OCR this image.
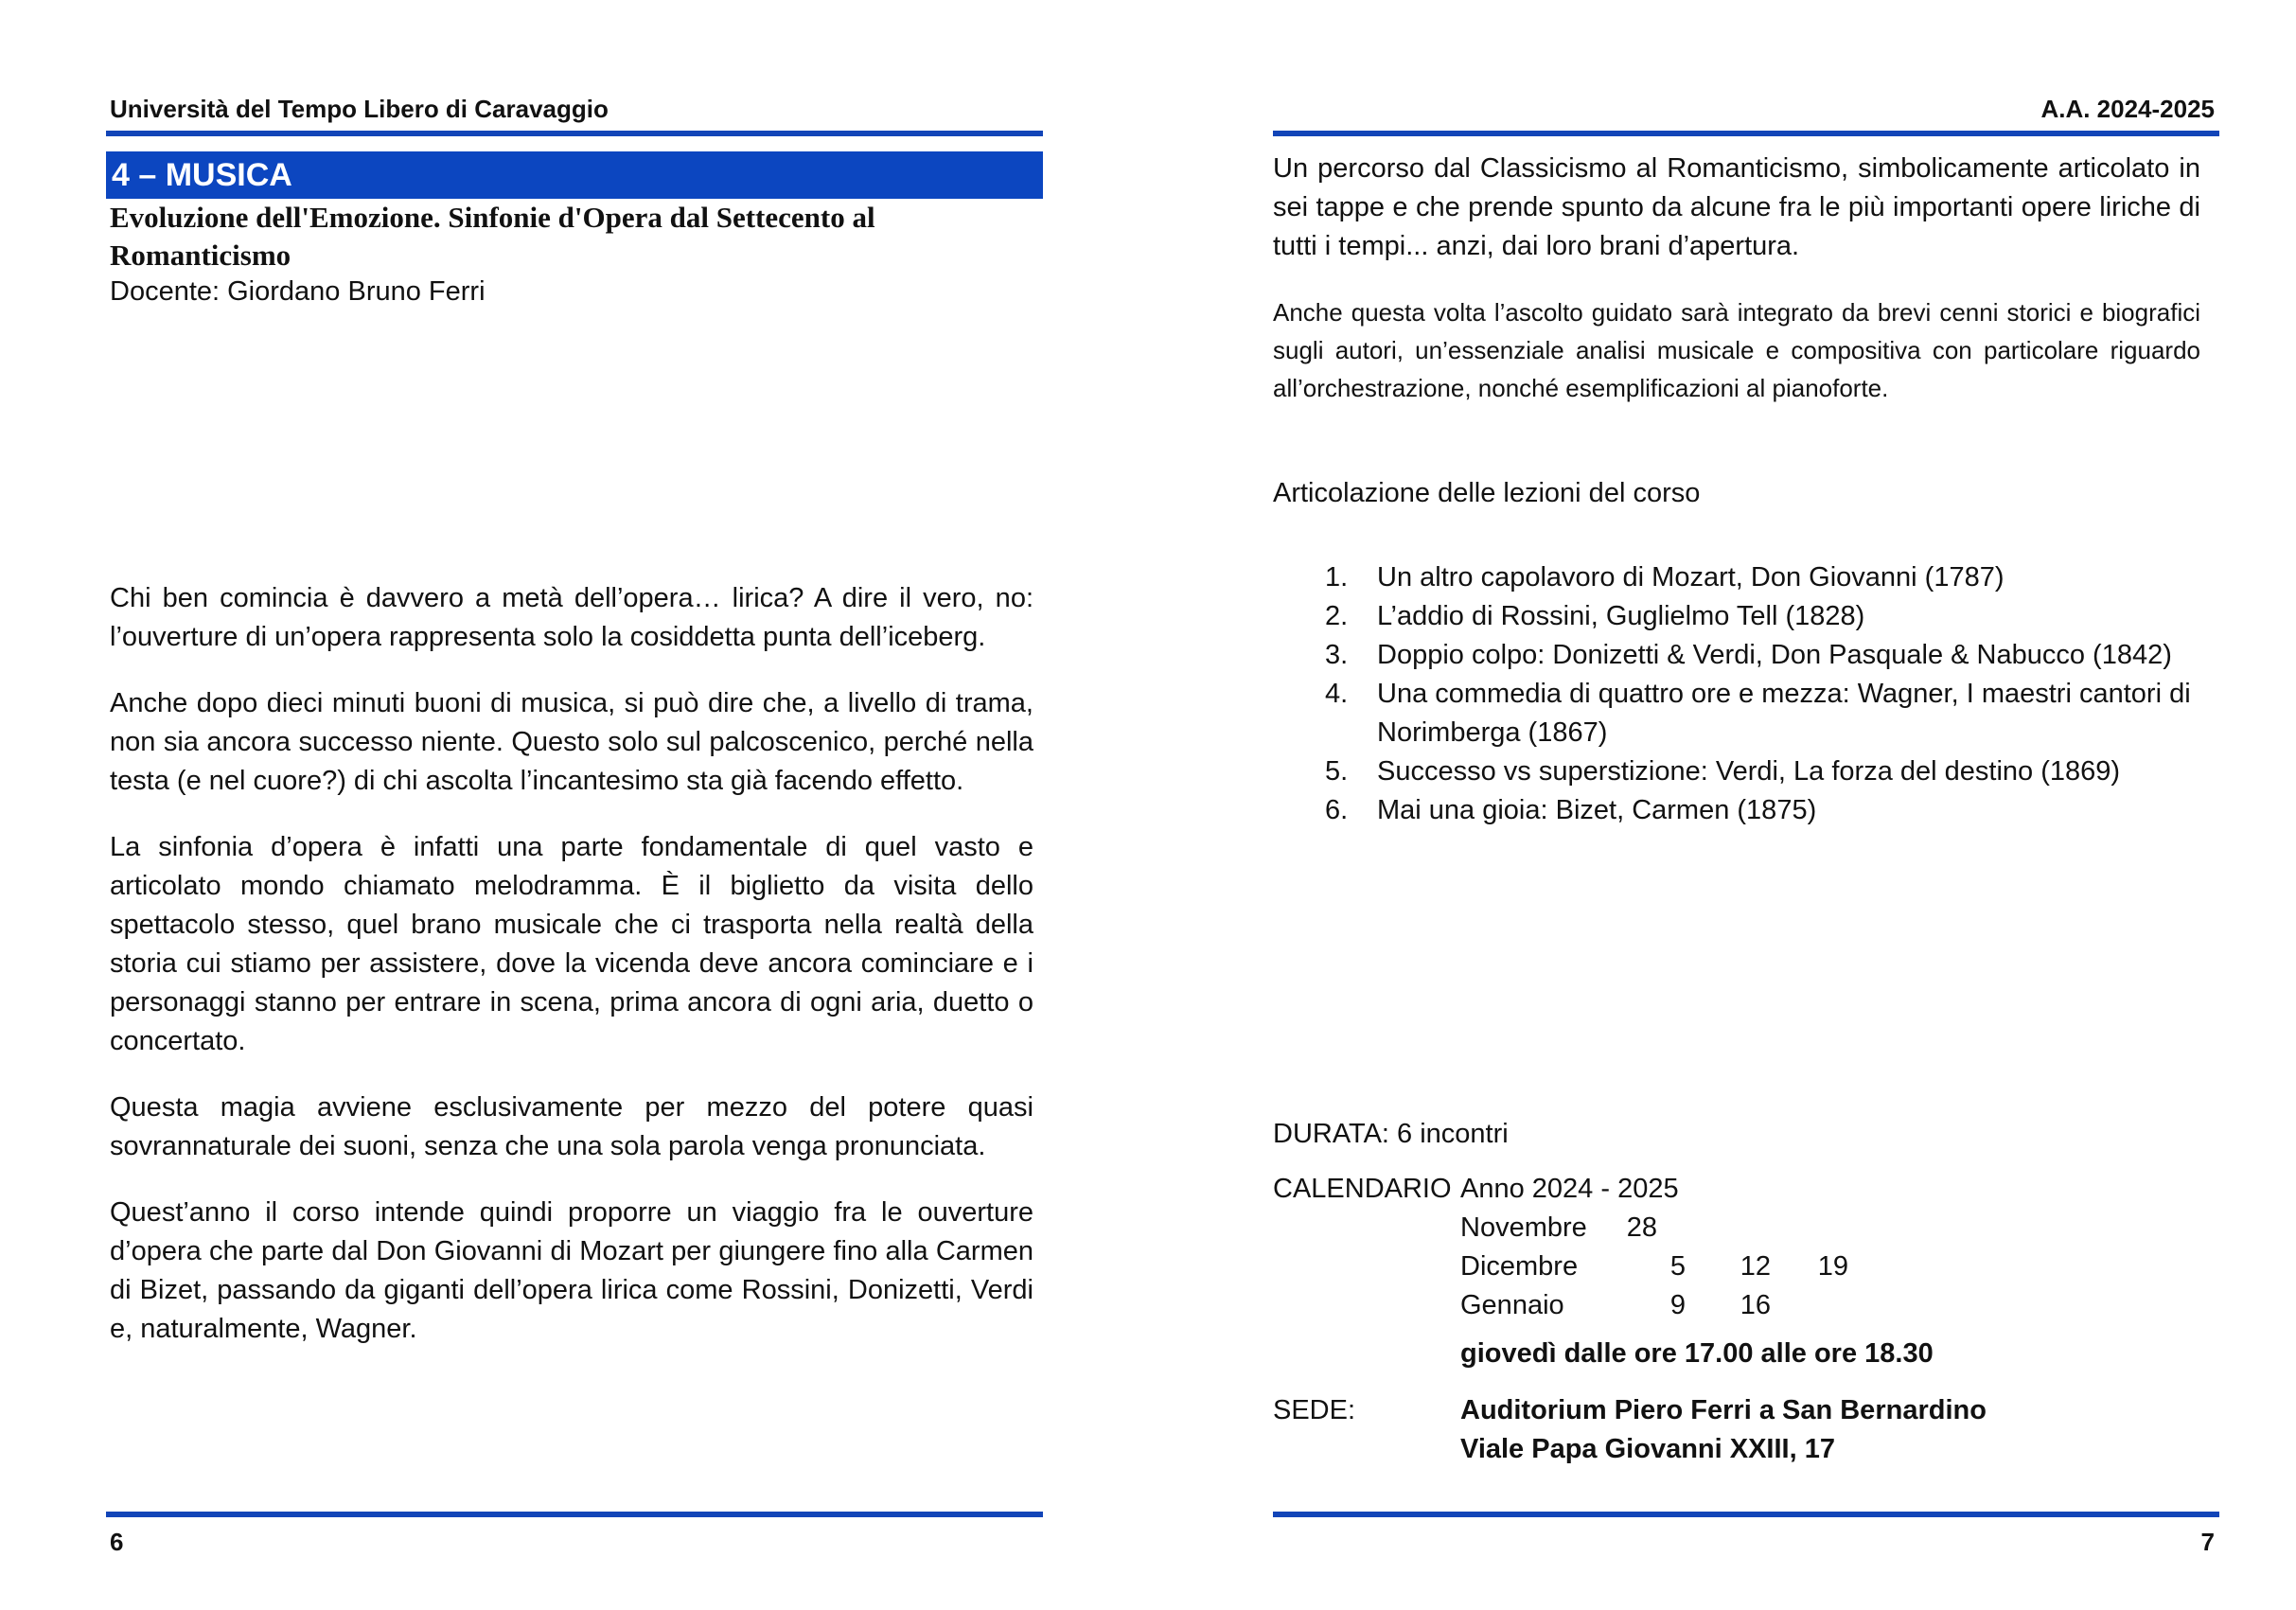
Università del Tempo Libero di Caravaggio
4 – MUSICA
Evoluzione dell'Emozione. Sinfonie d'Opera dal Settecento al Romanticismo
Docente: Giordano Bruno Ferri

Chi ben comincia è davvero a metà dell’opera… lirica? A dire il vero, no: l’ouverture di un’opera rappresenta solo la cosiddetta punta dell’iceberg.

Anche dopo dieci minuti buoni di musica, si può dire che, a livello di trama, non sia ancora successo niente. Questo solo sul palcoscenico, perché nella testa (e nel cuore?) di chi ascolta l’incantesimo sta già facendo effetto.

La sinfonia d’opera è infatti una parte fondamentale di quel vasto e articolato mondo chiamato melodramma. È il biglietto da visita dello spettacolo stesso, quel brano musicale che ci trasporta nella realtà della storia cui stiamo per assistere, dove la vicenda deve ancora cominciare e i personaggi stanno per entrare in scena, prima ancora di ogni aria, duetto o concertato.

Questa magia avviene esclusivamente per mezzo del potere quasi sovrannaturale dei suoni, senza che una sola parola venga pronunciata.

Quest’anno il corso intende quindi proporre un viaggio fra le ouverture d’opera che parte dal Don Giovanni di Mozart per giungere fino alla Carmen di Bizet, passando da giganti dell’opera lirica come Rossini, Donizetti, Verdi e, naturalmente, Wagner.

6
A.A. 2024-2025

Un percorso dal Classicismo al Romanticismo, simbolicamente articolato in sei tappe e che prende spunto da alcune fra le più importanti opere liriche di tutti i tempi... anzi, dai loro brani d’apertura.

Anche questa volta l’ascolto guidato sarà integrato da brevi cenni storici e biografici sugli autori, un’essenziale analisi musicale e compositiva con particolare riguardo all’orchestrazione, nonché esemplificazioni al pianoforte.

Articolazione delle lezioni del corso
1. Un altro capolavoro di Mozart, Don Giovanni (1787)
2. L’addio di Rossini, Guglielmo Tell (1828)
3. Doppio colpo: Donizetti & Verdi, Don Pasquale & Nabucco (1842)
4. Una commedia di quattro ore e mezza: Wagner, I maestri cantori di Norimberga (1867)
5. Successo vs superstizione: Verdi, La forza del destino (1869)
6. Mai una gioia: Bizet, Carmen (1875)
DURATA: 6 incontri
CALENDARIO Anno 2024 - 2025
Novembre	28
Dicembre	5	12	19
Gennaio	9	16
giovedì dalle ore 17.00 alle ore 18.30
SEDE:	Auditorium Piero Ferri a San Bernardino
Viale Papa Giovanni XXIII, 17
7
